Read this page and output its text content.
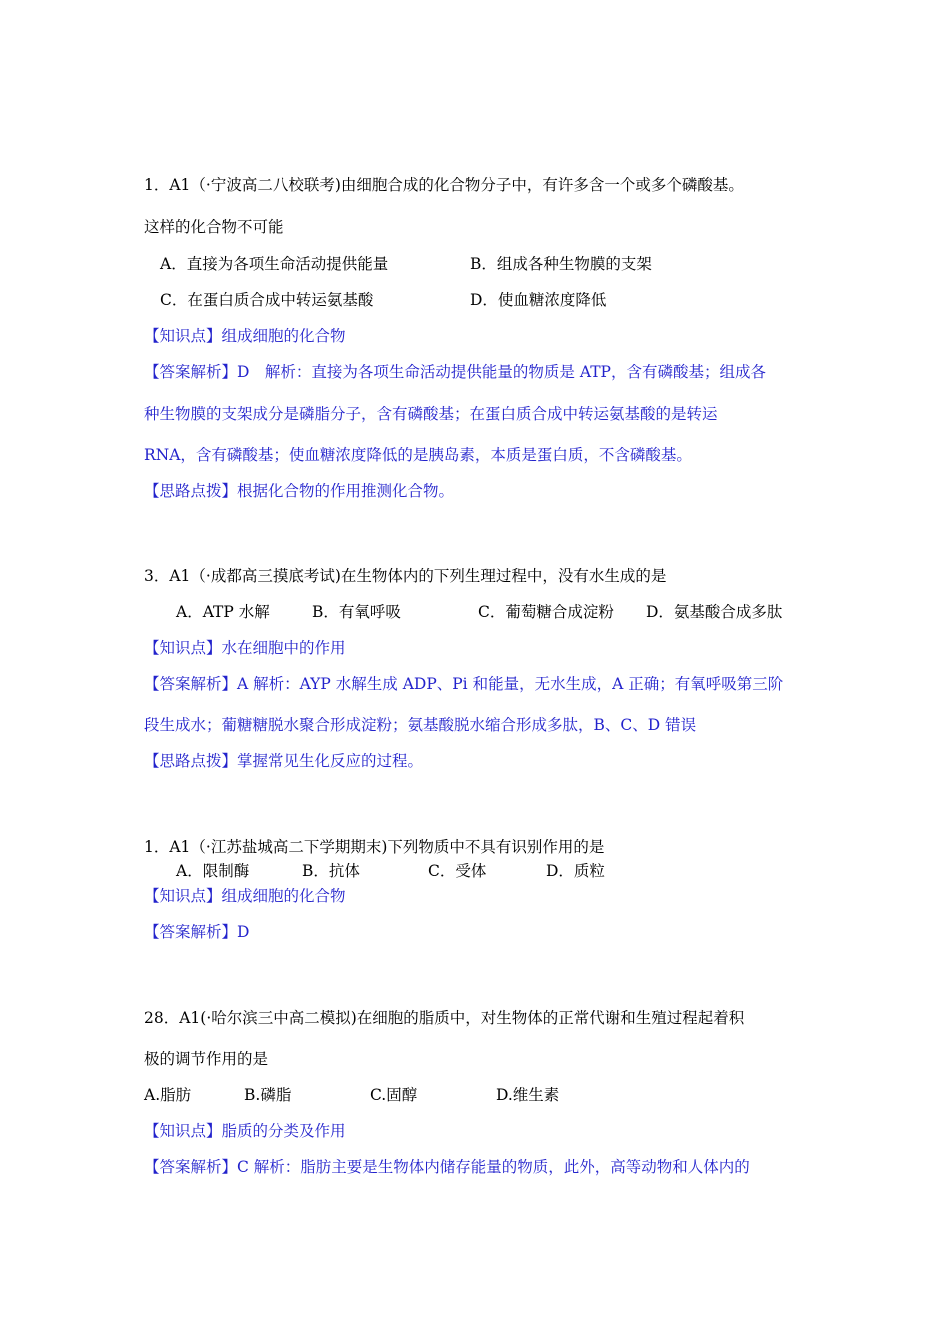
1．A1（·宁波高二八校联考)由细胞合成的化合物分子中，有许多含一个或多个磷酸基。
这样的化合物不可能
A．直接为各项生命活动提供能量	B．组成各种生物膜的支架
C．在蛋白质合成中转运氨基酸	D．使血糖浓度降低
【知识点】组成细胞的化合物
【答案解析】D　解析：直接为各项生命活动提供能量的物质是 ATP，含有磷酸基；组成各
种生物膜的支架成分是磷脂分子，含有磷酸基；在蛋白质合成中转运氨基酸的是转运
RNA，含有磷酸基；使血糖浓度降低的是胰岛素，本质是蛋白质，不含磷酸基。
【思路点拨】根据化合物的作用推测化合物。
3．A1（·成都高三摸底考试)在生物体内的下列生理过程中，没有水生成的是
A．ATP 水解	B．有氧呼吸	C．葡萄糖合成淀粉 D．氨基酸合成多肽
【知识点】水在细胞中的作用
【答案解析】A 解析：AYP 水解生成 ADP、Pi 和能量，无水生成，A 正确；有氧呼吸第三阶
段生成水；葡糖糖脱水聚合形成淀粉；氨基酸脱水缩合形成多肽，B、C、D 错误
【思路点拨】掌握常见生化反应的过程。
1．A1（·江苏盐城高二下学期期末)下列物质中不具有识别作用的是
A．限制酶	B．抗体	C．受体	D．质粒
【知识点】组成细胞的化合物
【答案解析】D
28．A1(·哈尔滨三中高二模拟)在细胞的脂质中，对生物体的正常代谢和生殖过程起着积
极的调节作用的是
A.脂肪	B.磷脂	C.固醇	D.维生素
【知识点】脂质的分类及作用
【答案解析】C 解析：脂肪主要是生物体内储存能量的物质，此外，高等动物和人体内的
